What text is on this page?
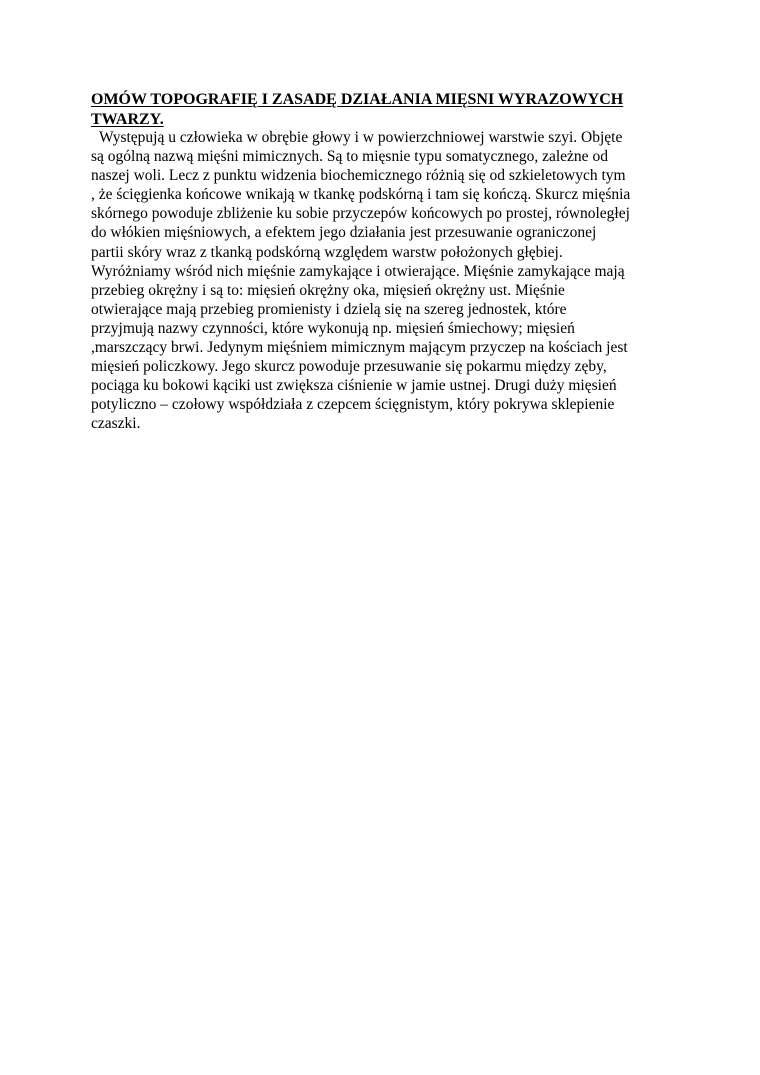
OMÓW TOPOGRAFIĘ I ZASADĘ DZIAŁANIA MIĘSNI WYRAZOWYCH
TWARZY.
Występują u człowieka w obrębie głowy i w powierzchniowej warstwie szyi. Objęte
są ogólną nazwą mięśni mimicznych. Są to mięsnie typu somatycznego, zależne od
naszej woli. Lecz z punktu widzenia biochemicznego różnią się od szkieletowych tym
, że ścięgienka końcowe wnikają w tkankę podskórną i tam się kończą. Skurcz mięśnia
skórnego powoduje zbliżenie ku sobie przyczepów końcowych po prostej, równoległej
do włókien mięśniowych, a efektem jego działania jest przesuwanie ograniczonej
partii skóry wraz z tkanką podskórną względem warstw położonych głębiej.
Wyróżniamy wśród nich mięśnie zamykające i otwierające. Mięśnie zamykające mają
przebieg okrężny i są to: mięsień okrężny oka, mięsień okrężny ust. Mięśnie
otwierające mają przebieg promienisty i dzielą się na szereg jednostek, które
przyjmują nazwy czynności, które wykonują np. mięsień śmiechowy; mięsień
,marszczący brwi. Jedynym mięśniem mimicznym mającym przyczep na kościach jest
mięsień policzkowy. Jego skurcz powoduje przesuwanie się pokarmu między zęby,
pociąga ku bokowi kąciki ust zwiększa ciśnienie w jamie ustnej. Drugi duży mięsień
potyliczno – czołowy współdziała z czepcem ścięgnistym, który pokrywa sklepienie
czaszki.
